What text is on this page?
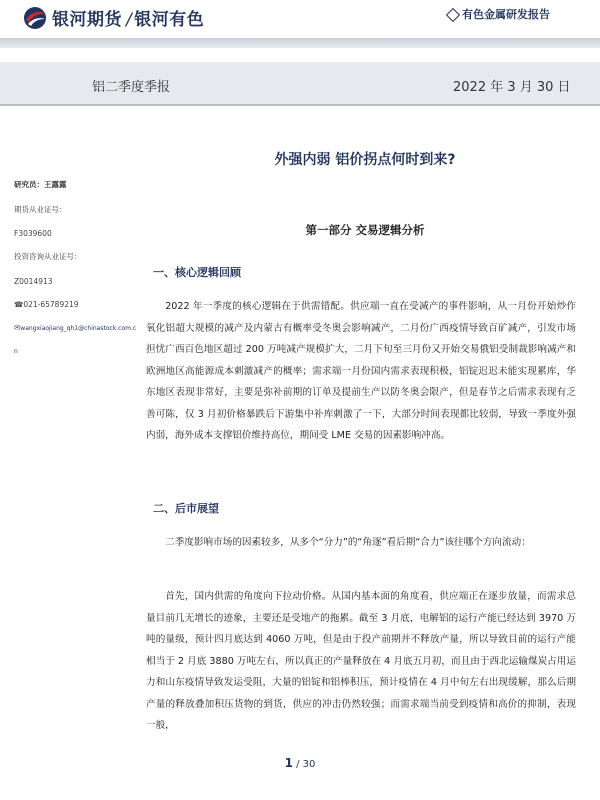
银河期货 / 银河有色	有色金属研发报告
铝二季度季报	2022 年 3 月 30 日
研究员：王露露
期货从业证号：
F3039600
投资咨询从业证号：
Z0014913
☎021-65789219
✉wangxiaojiang_qh1@chinastock.com.c
n
外强内弱 铝价拐点何时到来?
第一部分 交易逻辑分析
一、核心逻辑回顾

2022 年一季度的核心逻辑在于供需错配。供应端一直在受减产的事件影响，从一月份开始炒作氧化铝超大规模的减产及内蒙古有概率受冬奥会影响减产，二月份广西疫情导致百矿减产，引发市场担忧广西百色地区超过 200 万吨减产规模扩大，二月下旬至三月份又开始交易俄铝受制裁影响减产和欧洲地区高能源成本刺激减产的概率；需求端一月份国内需求表现积极，铝锭迟迟未能实现累库，华东地区表现非常好，主要是弥补前期的订单及提前生产以防冬奥会限产，但是春节之后需求表现有乏善可陈，仅 3 月初价格暴跌后下游集中补库刺激了一下，大部分时间表现都比较弱，导致一季度外强内弱，海外成本支撑铝价维持高位，期间受 LME 交易的因素影响冲高。

二、后市展望

二季度影响市场的因素较多，从多个“分力”的“角逐”看后期“合力”该往哪个方向流动：

首先，国内供需的角度向下拉动价格。从国内基本面的角度看，供应端正在逐步放量，而需求总量目前几无增长的迹象，主要还是受地产的拖累。截至 3 月底，电解铝的运行产能已经达到 3970 万吨的量级，预计四月底达到 4060 万吨，但是由于投产前期并不释放产量，所以导致目前的运行产能相当于 2 月底 3880 万吨左右，所以真正的产量释放在 4 月底五月初，而且由于西北运输煤炭占用运力和山东疫情导致发运受阻，大量的铝锭和铝棒积压，预计疫情在 4 月中旬左右出现缓解，那么后期产量的释放叠加积压货物的到货，供应的冲击仍然较强；而需求端当前受到疫情和高价的抑制，表现一般，

1 / 30
